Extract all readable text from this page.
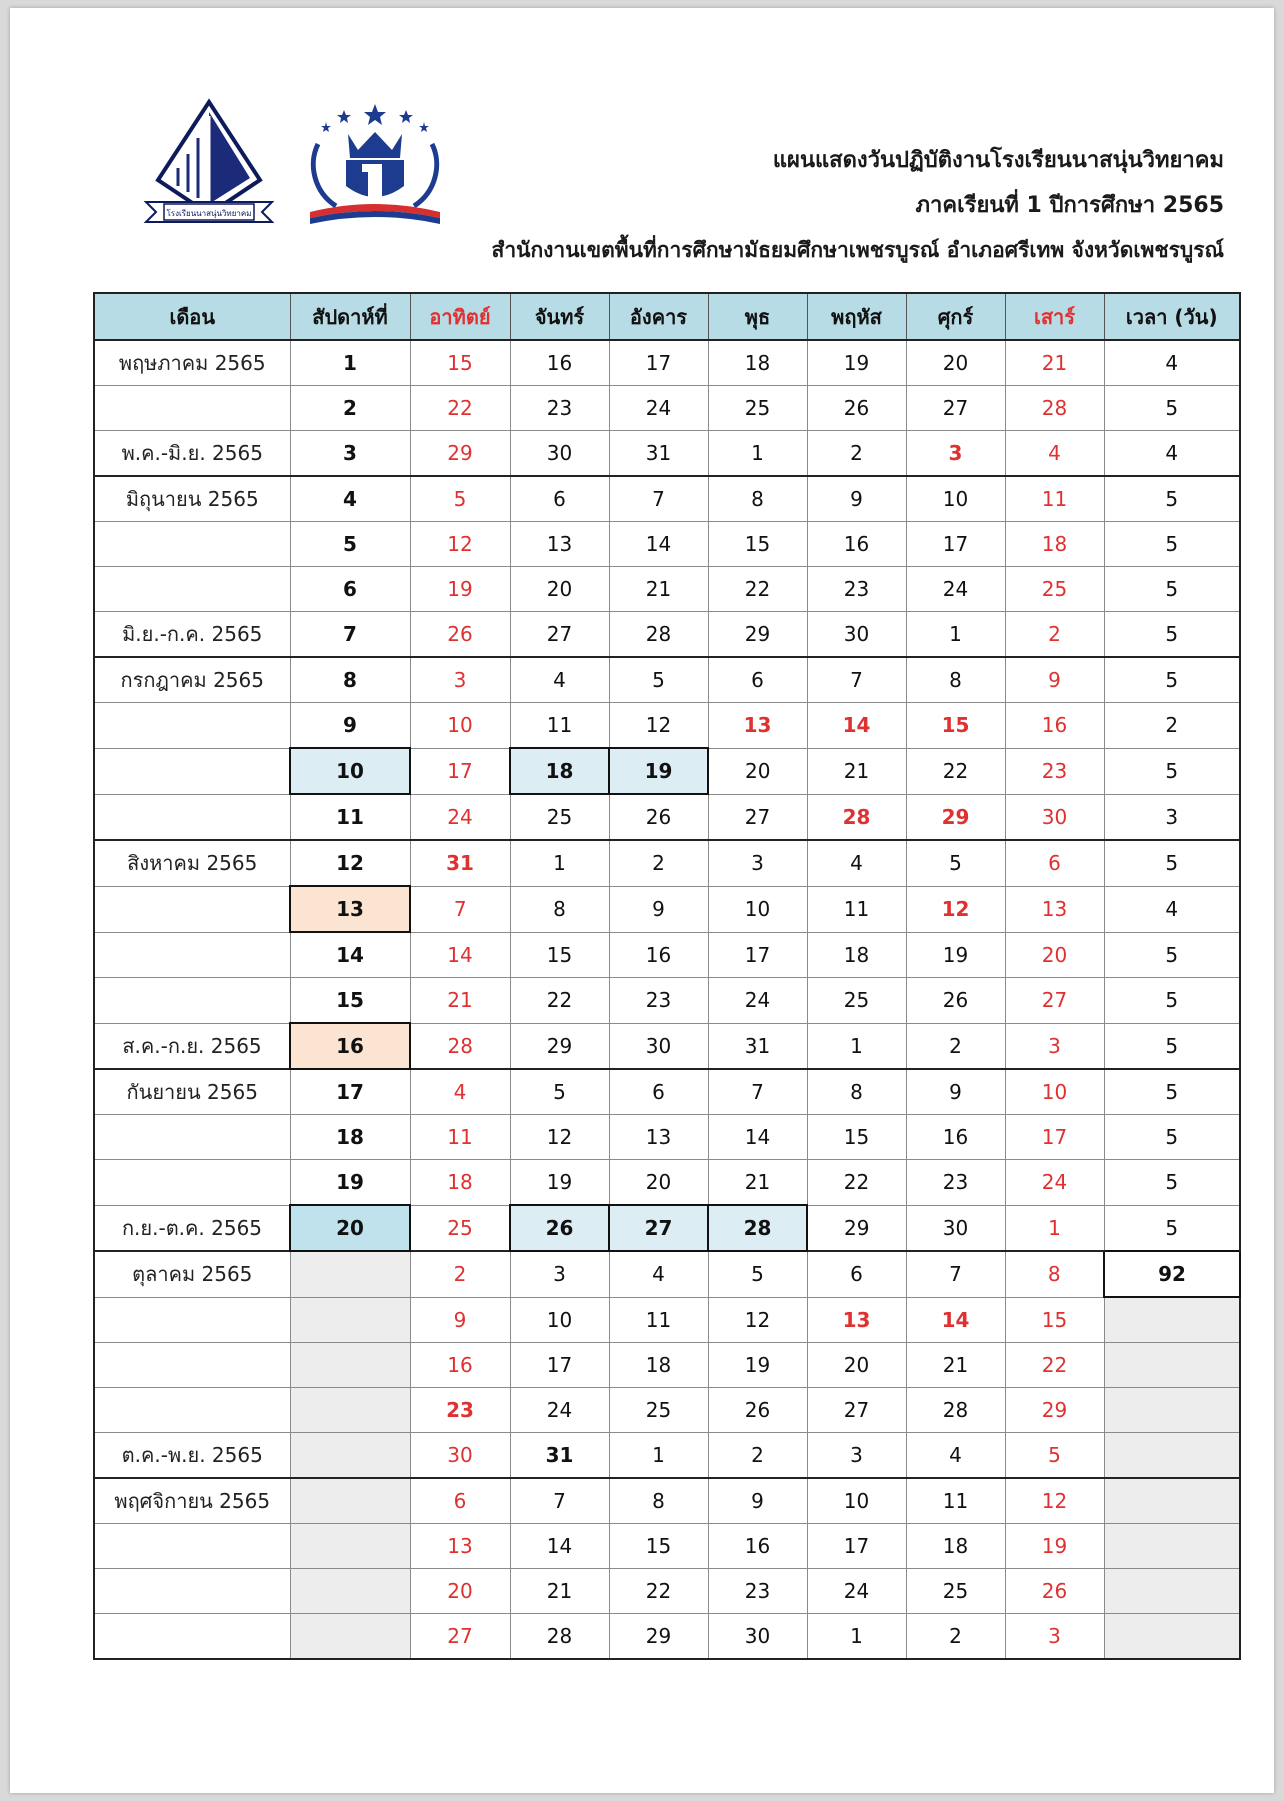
โรงเรียนนาสนุ่นวิทยาคม
แผนแสดงวันปฏิบัติงานโรงเรียนนาสนุ่นวิทยาคม
ภาคเรียนที่ 1 ปีการศึกษา 2565
สำนักงานเขตพื้นที่การศึกษามัธยมศึกษาเพชรบูรณ์ อำเภอศรีเทพ จังหวัดเพชรบูรณ์
เดือน	สัปดาห์ที่	อาทิตย์	จันทร์	อังคาร	พุธ	พฤหัส	ศุกร์	เสาร์	เวลา (วัน)
พฤษภาคม 2565	1	15	16	17	18	19	20	21	4
	2	22	23	24	25	26	27	28	5
พ.ค.-มิ.ย. 2565	3	29	30	31	1	2	3	4	4
มิถุนายน 2565	4	5	6	7	8	9	10	11	5
	5	12	13	14	15	16	17	18	5
	6	19	20	21	22	23	24	25	5
มิ.ย.-ก.ค. 2565	7	26	27	28	29	30	1	2	5
กรกฎาคม 2565	8	3	4	5	6	7	8	9	5
	9	10	11	12	13	14	15	16	2
	10	17	18	19	20	21	22	23	5
	11	24	25	26	27	28	29	30	3
สิงหาคม 2565	12	31	1	2	3	4	5	6	5
	13	7	8	9	10	11	12	13	4
	14	14	15	16	17	18	19	20	5
	15	21	22	23	24	25	26	27	5
ส.ค.-ก.ย. 2565	16	28	29	30	31	1	2	3	5
กันยายน 2565	17	4	5	6	7	8	9	10	5
	18	11	12	13	14	15	16	17	5
	19	18	19	20	21	22	23	24	5
ก.ย.-ต.ค. 2565	20	25	26	27	28	29	30	1	5
ตุลาคม 2565		2	3	4	5	6	7	8	92
		9	10	11	12	13	14	15	
		16	17	18	19	20	21	22	
		23	24	25	26	27	28	29	
ต.ค.-พ.ย. 2565		30	31	1	2	3	4	5	
พฤศจิกายน 2565		6	7	8	9	10	11	12	
		13	14	15	16	17	18	19	
		20	21	22	23	24	25	26	
		27	28	29	30	1	2	3	
